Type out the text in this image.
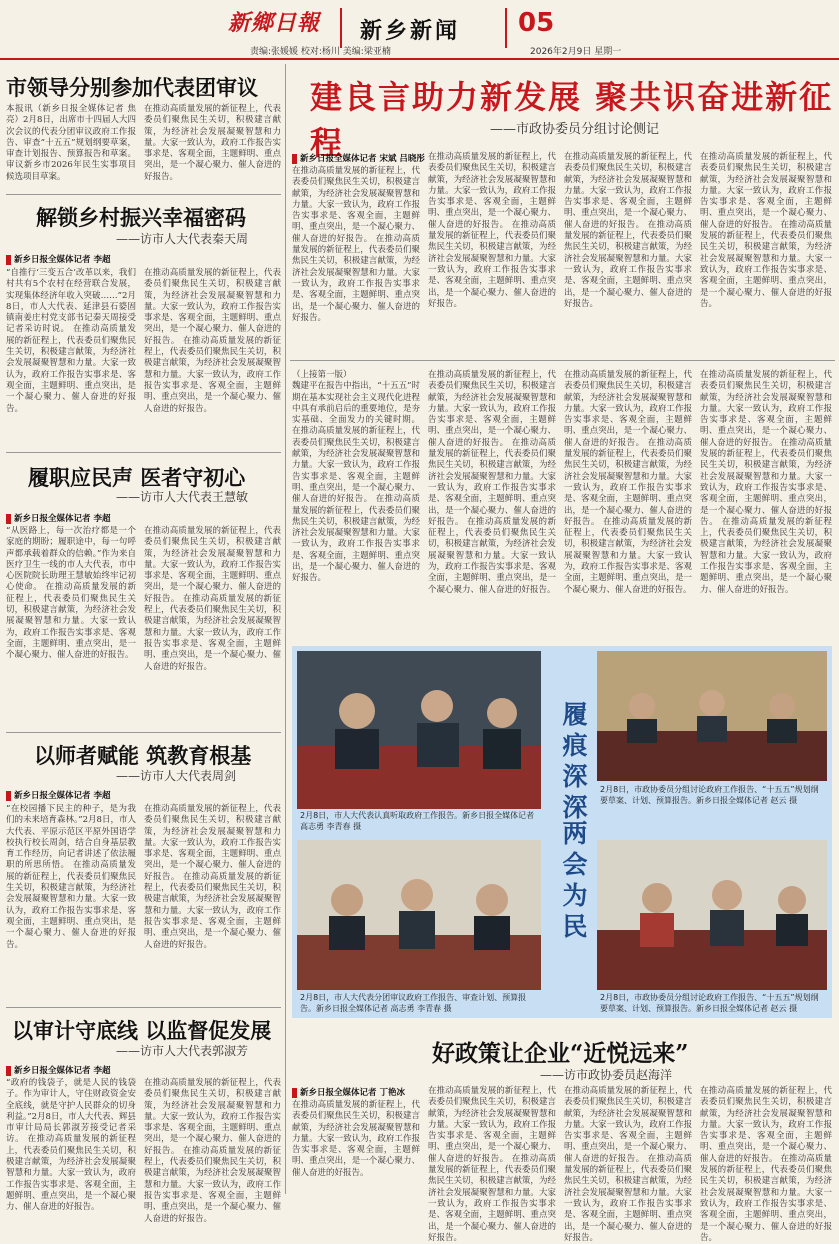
新鄉日報 新乡新闻 05
责编:张媛媛 校对:杨川 美编:梁亚楠	2026年2月9日 星期一
市领导分别参加代表团审议
本报讯（新乡日报全媒体记者 焦亮）2月8日，出席市十四届人大四次会议的代表分团审议政府工作报告、审查“十五五”规划纲要草案，审查计划报告、预算报告和草案。审议新乡市2026年民生实事项目候选项目草案。
在推动高质量发展的新征程上，代表委员们聚焦民生关切，积极建言献策，为经济社会发展凝聚智慧和力量。大家一致认为，政府工作报告实事求是、客观全面，主题鲜明、重点突出，是一个凝心聚力、催人奋进的好报告。
解锁乡村振兴幸福密码
——访市人大代表秦天周
新乡日报全媒体记者 李超
“自推行‘三变五合’改革以来，我们村共有5个农村在经营联合发展，实现集体经济年收入突破……”2月8日，市人大代表、延津县石婆固镇南姜庄村党支部书记秦天周接受记者采访时说。 在推动高质量发展的新征程上，代表委员们聚焦民生关切，积极建言献策，为经济社会发展凝聚智慧和力量。大家一致认为，政府工作报告实事求是、客观全面，主题鲜明、重点突出，是一个凝心聚力、催人奋进的好报告。
在推动高质量发展的新征程上，代表委员们聚焦民生关切，积极建言献策，为经济社会发展凝聚智慧和力量。大家一致认为，政府工作报告实事求是、客观全面，主题鲜明、重点突出，是一个凝心聚力、催人奋进的好报告。 在推动高质量发展的新征程上，代表委员们聚焦民生关切，积极建言献策，为经济社会发展凝聚智慧和力量。大家一致认为，政府工作报告实事求是、客观全面，主题鲜明、重点突出，是一个凝心聚力、催人奋进的好报告。
履职应民声 医者守初心
——访市人大代表王慧敏
新乡日报全媒体记者 李超
“从医路上，每一次治疗都是一个家庭的期盼；履职途中，每一句呼声都承载着群众的信赖。”作为来自医疗卫生一线的市人大代表，市中心医院院长助理王慧敏始终牢记初心使命。 在推动高质量发展的新征程上，代表委员们聚焦民生关切，积极建言献策，为经济社会发展凝聚智慧和力量。大家一致认为，政府工作报告实事求是、客观全面，主题鲜明、重点突出，是一个凝心聚力、催人奋进的好报告。
在推动高质量发展的新征程上，代表委员们聚焦民生关切，积极建言献策，为经济社会发展凝聚智慧和力量。大家一致认为，政府工作报告实事求是、客观全面，主题鲜明、重点突出，是一个凝心聚力、催人奋进的好报告。 在推动高质量发展的新征程上，代表委员们聚焦民生关切，积极建言献策，为经济社会发展凝聚智慧和力量。大家一致认为，政府工作报告实事求是、客观全面，主题鲜明、重点突出，是一个凝心聚力、催人奋进的好报告。
以师者赋能 筑教育根基
——访市人大代表周剑
新乡日报全媒体记者 李超
“在校园播下民主的种子，是为我们的未来培育森林。”2月8日，市人大代表、平原示范区平原外国语学校执行校长周剑，结合自身基层教育工作经历，向记者讲述了依法履职的所思所悟。 在推动高质量发展的新征程上，代表委员们聚焦民生关切，积极建言献策，为经济社会发展凝聚智慧和力量。大家一致认为，政府工作报告实事求是、客观全面，主题鲜明、重点突出，是一个凝心聚力、催人奋进的好报告。
在推动高质量发展的新征程上，代表委员们聚焦民生关切，积极建言献策，为经济社会发展凝聚智慧和力量。大家一致认为，政府工作报告实事求是、客观全面，主题鲜明、重点突出，是一个凝心聚力、催人奋进的好报告。 在推动高质量发展的新征程上，代表委员们聚焦民生关切，积极建言献策，为经济社会发展凝聚智慧和力量。大家一致认为，政府工作报告实事求是、客观全面，主题鲜明、重点突出，是一个凝心聚力、催人奋进的好报告。
以审计守底线 以监督促发展
——访市人大代表郭淑芳
新乡日报全媒体记者 李超
“政府的钱袋子，就是人民的钱袋子。作为审计人，守住财政资金安全底线，就是守护人民群众的切身利益。”2月8日，市人大代表、辉县市审计局局长郭淑芳接受记者采访。 在推动高质量发展的新征程上，代表委员们聚焦民生关切，积极建言献策，为经济社会发展凝聚智慧和力量。大家一致认为，政府工作报告实事求是、客观全面，主题鲜明、重点突出，是一个凝心聚力、催人奋进的好报告。
在推动高质量发展的新征程上，代表委员们聚焦民生关切，积极建言献策，为经济社会发展凝聚智慧和力量。大家一致认为，政府工作报告实事求是、客观全面，主题鲜明、重点突出，是一个凝心聚力、催人奋进的好报告。 在推动高质量发展的新征程上，代表委员们聚焦民生关切，积极建言献策，为经济社会发展凝聚智慧和力量。大家一致认为，政府工作报告实事求是、客观全面，主题鲜明、重点突出，是一个凝心聚力、催人奋进的好报告。
建良言助力新发展 聚共识奋进新征程	——市政协委员分组讨论侧记
新乡日报全媒体记者 宋斌 吕晓彤
在推动高质量发展的新征程上，代表委员们聚焦民生关切，积极建言献策，为经济社会发展凝聚智慧和力量。大家一致认为，政府工作报告实事求是、客观全面，主题鲜明、重点突出，是一个凝心聚力、催人奋进的好报告。 在推动高质量发展的新征程上，代表委员们聚焦民生关切，积极建言献策，为经济社会发展凝聚智慧和力量。大家一致认为，政府工作报告实事求是、客观全面，主题鲜明、重点突出，是一个凝心聚力、催人奋进的好报告。
在推动高质量发展的新征程上，代表委员们聚焦民生关切，积极建言献策，为经济社会发展凝聚智慧和力量。大家一致认为，政府工作报告实事求是、客观全面，主题鲜明、重点突出，是一个凝心聚力、催人奋进的好报告。 在推动高质量发展的新征程上，代表委员们聚焦民生关切，积极建言献策，为经济社会发展凝聚智慧和力量。大家一致认为，政府工作报告实事求是、客观全面，主题鲜明、重点突出，是一个凝心聚力、催人奋进的好报告。
在推动高质量发展的新征程上，代表委员们聚焦民生关切，积极建言献策，为经济社会发展凝聚智慧和力量。大家一致认为，政府工作报告实事求是、客观全面，主题鲜明、重点突出，是一个凝心聚力、催人奋进的好报告。 在推动高质量发展的新征程上，代表委员们聚焦民生关切，积极建言献策，为经济社会发展凝聚智慧和力量。大家一致认为，政府工作报告实事求是、客观全面，主题鲜明、重点突出，是一个凝心聚力、催人奋进的好报告。
在推动高质量发展的新征程上，代表委员们聚焦民生关切，积极建言献策，为经济社会发展凝聚智慧和力量。大家一致认为，政府工作报告实事求是、客观全面，主题鲜明、重点突出，是一个凝心聚力、催人奋进的好报告。 在推动高质量发展的新征程上，代表委员们聚焦民生关切，积极建言献策，为经济社会发展凝聚智慧和力量。大家一致认为，政府工作报告实事求是、客观全面，主题鲜明、重点突出，是一个凝心聚力、催人奋进的好报告。
（上接第一版）
魏建平在报告中指出，“十五五”时期在基本实现社会主义现代化进程中具有承前启后的重要地位，是夯实基础、全面发力的关键时期。 在推动高质量发展的新征程上，代表委员们聚焦民生关切，积极建言献策，为经济社会发展凝聚智慧和力量。大家一致认为，政府工作报告实事求是、客观全面，主题鲜明、重点突出，是一个凝心聚力、催人奋进的好报告。 在推动高质量发展的新征程上，代表委员们聚焦民生关切，积极建言献策，为经济社会发展凝聚智慧和力量。大家一致认为，政府工作报告实事求是、客观全面，主题鲜明、重点突出，是一个凝心聚力、催人奋进的好报告。
在推动高质量发展的新征程上，代表委员们聚焦民生关切，积极建言献策，为经济社会发展凝聚智慧和力量。大家一致认为，政府工作报告实事求是、客观全面，主题鲜明、重点突出，是一个凝心聚力、催人奋进的好报告。 在推动高质量发展的新征程上，代表委员们聚焦民生关切，积极建言献策，为经济社会发展凝聚智慧和力量。大家一致认为，政府工作报告实事求是、客观全面，主题鲜明、重点突出，是一个凝心聚力、催人奋进的好报告。 在推动高质量发展的新征程上，代表委员们聚焦民生关切，积极建言献策，为经济社会发展凝聚智慧和力量。大家一致认为，政府工作报告实事求是、客观全面，主题鲜明、重点突出，是一个凝心聚力、催人奋进的好报告。
在推动高质量发展的新征程上，代表委员们聚焦民生关切，积极建言献策，为经济社会发展凝聚智慧和力量。大家一致认为，政府工作报告实事求是、客观全面，主题鲜明、重点突出，是一个凝心聚力、催人奋进的好报告。 在推动高质量发展的新征程上，代表委员们聚焦民生关切，积极建言献策，为经济社会发展凝聚智慧和力量。大家一致认为，政府工作报告实事求是、客观全面，主题鲜明、重点突出，是一个凝心聚力、催人奋进的好报告。 在推动高质量发展的新征程上，代表委员们聚焦民生关切，积极建言献策，为经济社会发展凝聚智慧和力量。大家一致认为，政府工作报告实事求是、客观全面，主题鲜明、重点突出，是一个凝心聚力、催人奋进的好报告。
在推动高质量发展的新征程上，代表委员们聚焦民生关切，积极建言献策，为经济社会发展凝聚智慧和力量。大家一致认为，政府工作报告实事求是、客观全面，主题鲜明、重点突出，是一个凝心聚力、催人奋进的好报告。 在推动高质量发展的新征程上，代表委员们聚焦民生关切，积极建言献策，为经济社会发展凝聚智慧和力量。大家一致认为，政府工作报告实事求是、客观全面，主题鲜明、重点突出，是一个凝心聚力、催人奋进的好报告。 在推动高质量发展的新征程上，代表委员们聚焦民生关切，积极建言献策，为经济社会发展凝聚智慧和力量。大家一致认为，政府工作报告实事求是、客观全面，主题鲜明、重点突出，是一个凝心聚力、催人奋进的好报告。
履痕深深
2月8日，市人大代表认真听取政府工作报告。新乡日报全媒体记者 高志勇 李青春 摄
2月8日，市政协委员分组讨论政府工作报告、“十五五”规划纲要草案、计划、预算报告。新乡日报全媒体记者 赵云 摄
两会为民
2月8日，市人大代表分团审议政府工作报告、审查计划、预算报告。新乡日报全媒体记者 高志勇 李青春 摄
2月8日，市政协委员分组讨论政府工作报告、“十五五”规划纲要草案、计划、预算报告。新乡日报全媒体记者 赵云 摄
好政策让企业“近悦远来”
——访市政协委员赵海洋
新乡日报全媒体记者 丁艳冰
在推动高质量发展的新征程上，代表委员们聚焦民生关切，积极建言献策，为经济社会发展凝聚智慧和力量。大家一致认为，政府工作报告实事求是、客观全面，主题鲜明、重点突出，是一个凝心聚力、催人奋进的好报告。
在推动高质量发展的新征程上，代表委员们聚焦民生关切，积极建言献策，为经济社会发展凝聚智慧和力量。大家一致认为，政府工作报告实事求是、客观全面，主题鲜明、重点突出，是一个凝心聚力、催人奋进的好报告。 在推动高质量发展的新征程上，代表委员们聚焦民生关切，积极建言献策，为经济社会发展凝聚智慧和力量。大家一致认为，政府工作报告实事求是、客观全面，主题鲜明、重点突出，是一个凝心聚力、催人奋进的好报告。
在推动高质量发展的新征程上，代表委员们聚焦民生关切，积极建言献策，为经济社会发展凝聚智慧和力量。大家一致认为，政府工作报告实事求是、客观全面，主题鲜明、重点突出，是一个凝心聚力、催人奋进的好报告。 在推动高质量发展的新征程上，代表委员们聚焦民生关切，积极建言献策，为经济社会发展凝聚智慧和力量。大家一致认为，政府工作报告实事求是、客观全面，主题鲜明、重点突出，是一个凝心聚力、催人奋进的好报告。
在推动高质量发展的新征程上，代表委员们聚焦民生关切，积极建言献策，为经济社会发展凝聚智慧和力量。大家一致认为，政府工作报告实事求是、客观全面，主题鲜明、重点突出，是一个凝心聚力、催人奋进的好报告。 在推动高质量发展的新征程上，代表委员们聚焦民生关切，积极建言献策，为经济社会发展凝聚智慧和力量。大家一致认为，政府工作报告实事求是、客观全面，主题鲜明、重点突出，是一个凝心聚力、催人奋进的好报告。
